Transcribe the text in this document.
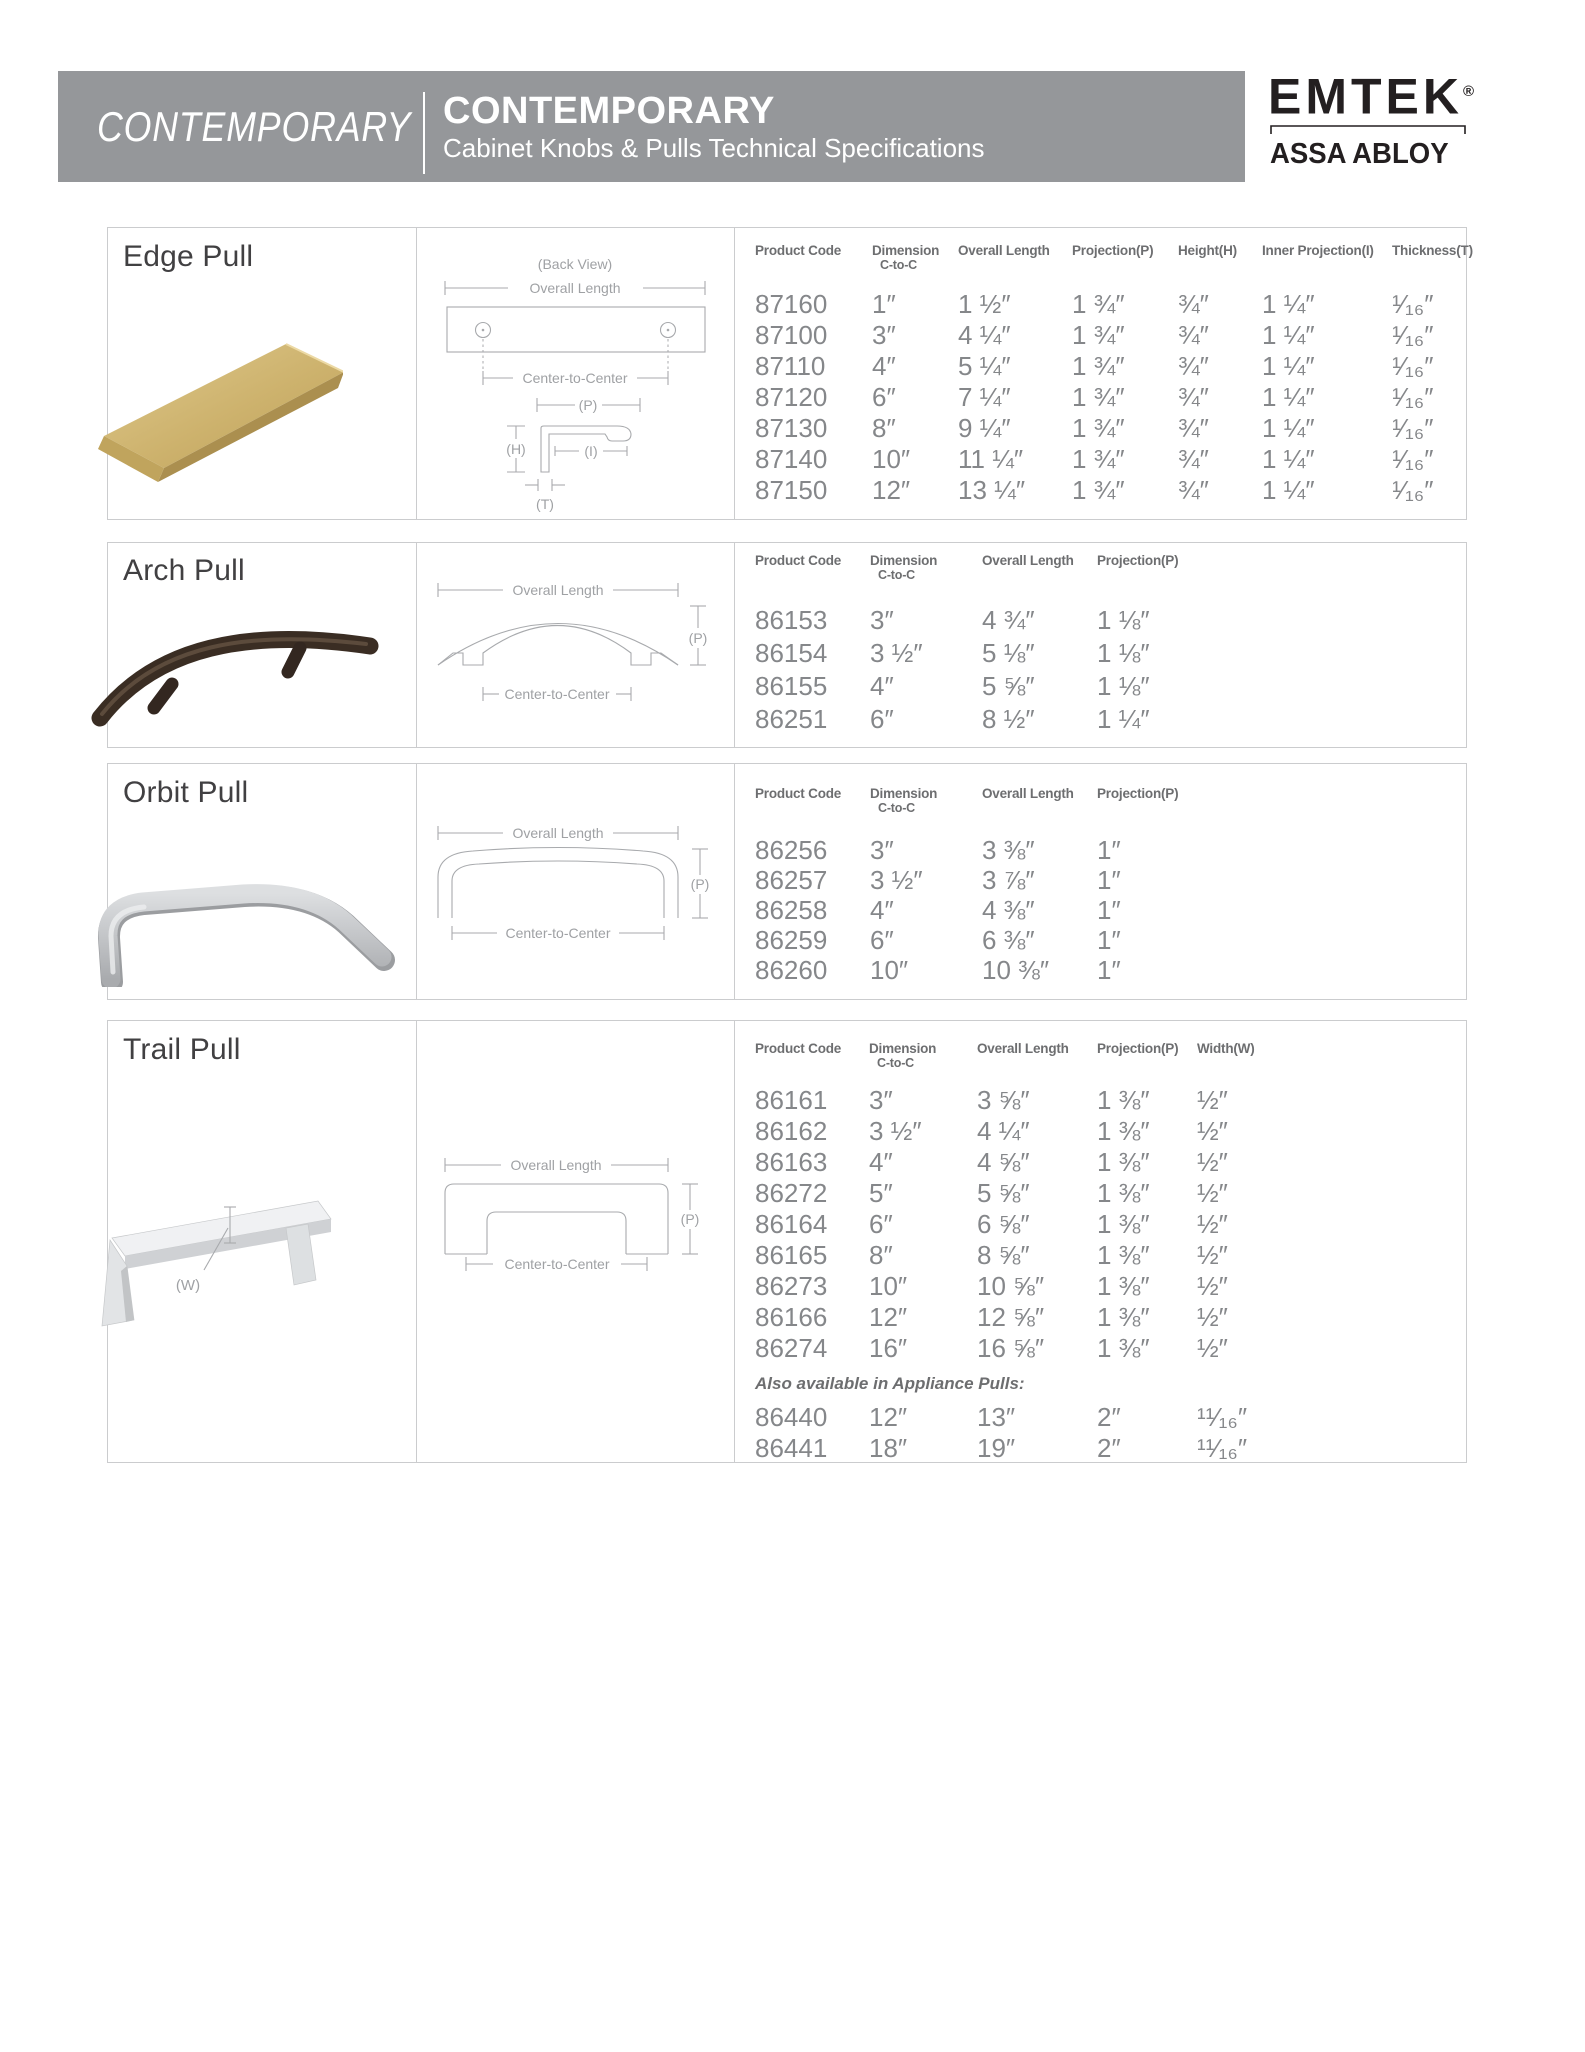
CONTEMPORARY CONTEMPORARY
Cabinet Knobs & Pulls Technical Specifications
EMTEK®
ASSA ABLOY
Edge Pull
Arch Pull
Orbit Pull
Trail Pull
(W)
(Back View)
Overall Length
Center-to-Center
(P)
(H)	(I)
(T)
Overall Length
(P)
Center-to-Center
Overall Length
Center-to-Center
(P)
Overall Length
Center-to-Center
(P)
Product Code	Dimension
C-to-C
Overall Length	Projection(P)	Height(H)	Inner Projection(I)	Thickness(T)
87160	1″	1 ½″	1 ¾″	¾″	1 ¼″	¹⁄₁₆″
87100	3″	4 ¼″	1 ¾″	¾″	1 ¼″	¹⁄₁₆″
87110	4″	5 ¼″	1 ¾″	¾″	1 ¼″	¹⁄₁₆″
87120	6″	7 ¼″	1 ¾″	¾″	1 ¼″	¹⁄₁₆″
87130	8″	9 ¼″	1 ¾″	¾″	1 ¼″	¹⁄₁₆″
87140	10″	11 ¼″	1 ¾″	¾″	1 ¼″	¹⁄₁₆″
87150	12″	13 ¼″	1 ¾″	¾″	1 ¼″	¹⁄₁₆″
Product Code	Dimension
C-to-C
Overall Length	Projection(P)
86153	3″	4 ¾″	1 ⅛″
86154	3 ½″	5 ⅛″	1 ⅛″
86155	4″	5 ⅝″	1 ⅛″
86251	6″	8 ½″	1 ¼″
Product Code	Dimension
C-to-C
Overall Length	Projection(P)
86256	3″	3 ⅜″	1″
86257	3 ½″	3 ⅞″	1″
86258	4″	4 ⅜″	1″
86259	6″	6 ⅜″	1″
86260	10″	10 ⅜″	1″
Product Code	Dimension
C-to-C
Overall Length	Projection(P)	Width(W)
86161	3″	3 ⅝″	1 ⅜″	½″
86162	3 ½″	4 ¼″	1 ⅜″	½″
86163	4″	4 ⅝″	1 ⅜″	½″
86272	5″	5 ⅝″	1 ⅜″	½″
86164	6″	6 ⅝″	1 ⅜″	½″
86165	8″	8 ⅝″	1 ⅜″	½″
86273	10″	10 ⅝″	1 ⅜″	½″
86166	12″	12 ⅝″	1 ⅜″	½″
86274	16″	16 ⅝″	1 ⅜″	½″
Also available in Appliance Pulls:
86440	12″	13″	2″	¹¹⁄₁₆″
86441	18″	19″	2″	¹¹⁄₁₆″
